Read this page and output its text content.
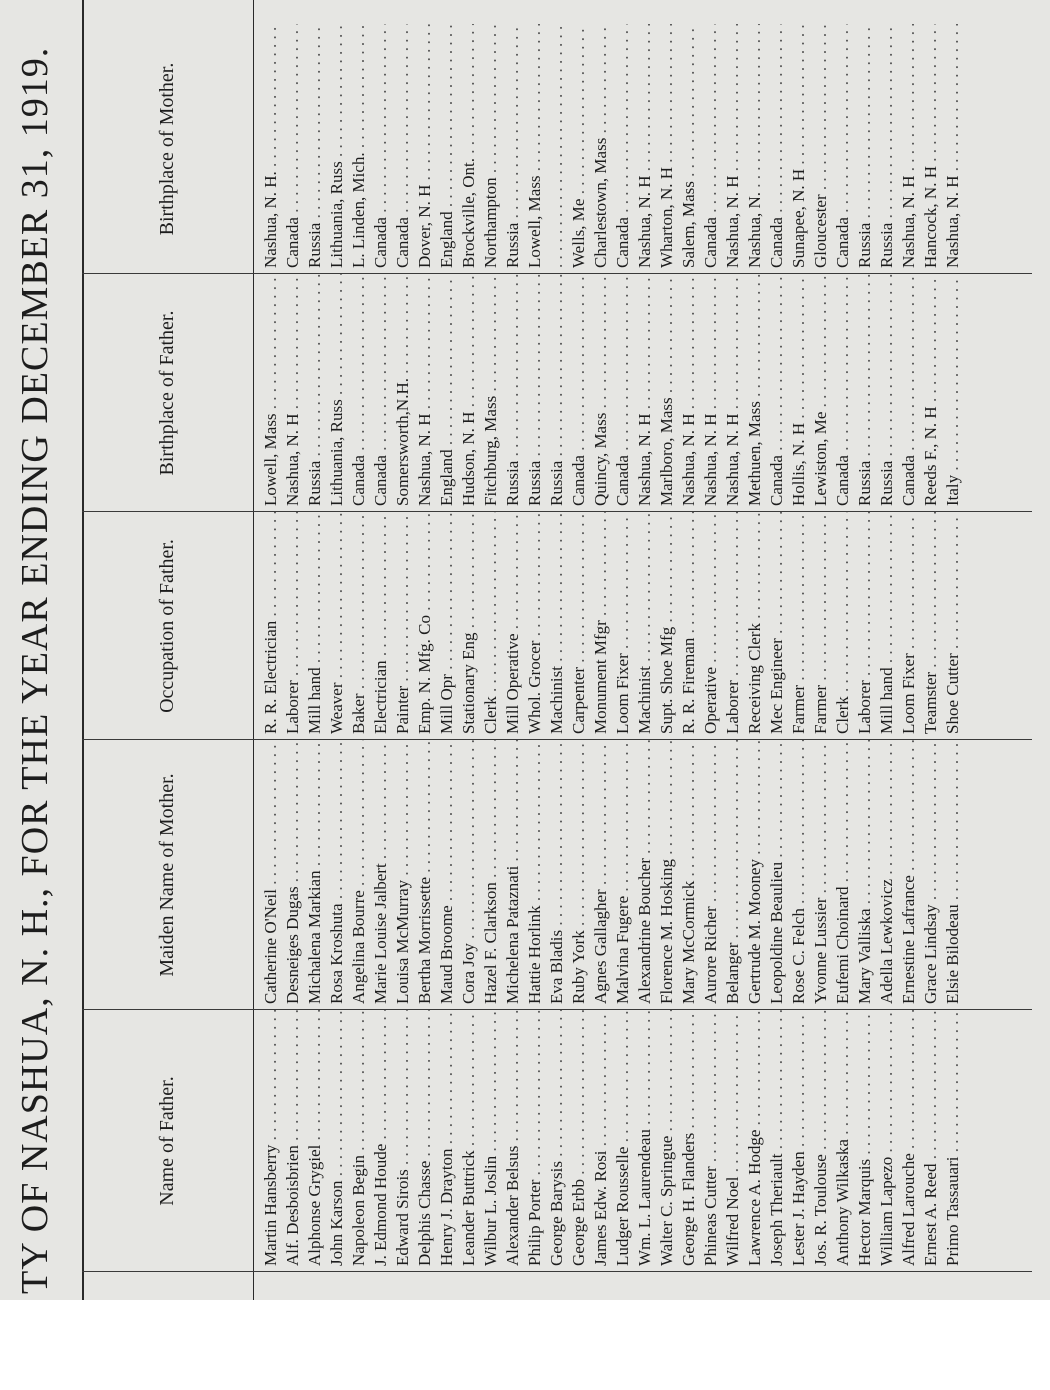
TY OF NASHUA, N. H., FOR THE YEAR ENDING DECEMBER 31, 1919.
Name of Father.	Martin Hansberry . . . Alf. Desboisbrien . . . Alphonse Grygiel . . . John Karson . . . Napoleon Begin . . . J. Edmond Houde . . . Edward Sirois . . . Delphis Chasse . . . Henry J. Drayton . . . Leander Buttrick . . . Wilbur L. Joslin . . . Alexander Belsus . . . Philip Porter . . . George Barysis . . . George Erbb . . . James Edw. Rosi . . . Ludger Rousselle . . . Wm. L. Laurendeau . . . Walter C. Springue . . . George H. Flanders . . . Phineas Cutter . . . Wilfred Noel . . . Lawrence A. Hodge . . . Joseph Theriault . . . Lester J. Hayden . . . Jos. R. Toulouse . . . Anthony Wilkaska . . . Hector Marquis . . . William Lapezo . . . Alfred Larouche . . . Ernest A. Reed . . . Primo Tassauari . . .
Maiden Name of Mother.	Catherine O'Neil . . . Desneiges Dugas . . . Michalena Markian . . . Rosa Kroshuta . . . Angelina Bourre . . . Marie Louise Jalbert . . . Louisa McMurray . . . Bertha Morrissette . . . Maud Broome . . . Cora Joy . . . Hazel F. Clarkson . . . Michelena Pataznati . . . Hattie Horlink . . . Eva Bladis . . . Ruby York . . . Agnes Gallagher . . . Malvina Fugere . . . Alexandrine Boucher . . . Florence M. Hosking . . . Mary McCormick . . . Aurore Richer . . . Belanger . . . Gertrude M. Mooney . . . Leopoldine Beaulieu . . . Rose C. Felch . . . Yvonne Lussier . . . Eufemi Choinard . . . Mary Valliska . . . Adella Lewkovicz . . . Ernestine Lafrance . . . Grace Lindsay . . . Elsie Bilodeau . . .
Occupation of Father.	R. R. Electrician . . . Laborer . . . Mill hand . . . Weaver . . . Baker . . . Electrician . . . Painter . . . Emp. N. Mfg. Co . . . Mill Opr . . . Stationary Eng . . . Clerk . . . Mill Operative . . . Whol. Grocer . . . Machinist . . . Carpenter . . . Monument Mfgr . . . Loom Fixer . . . Machinist . . . Supt. Shoe Mfg . . . R. R. Fireman . . . Operative . . . Laborer . . . Receiving Clerk . . . Mec Engineer . . . Farmer . . . Farmer . . . Clerk . . . Laborer . . . Mill hand . . . Loom Fixer . . . Teamster . . . Shoe Cutter . . .
Birthplace of Father.	Lowell, Mass . . . Nashua, N. H . . . Russia . . . Lithuania, Russ . . . Canada . . . Canada . . . Somersworth,N.H. . . . Nashua, N. H . . . England . . . Hudson, N. H . . . Fitchburg, Mass . . . Russia . . . Russia . . . Russia . . . Canada . . . Quincy, Mass . . . Canada . . . Nashua, N. H . . . Marlboro, Mass . . . Nashua, N. H . . . Nashua, N. H . . . Nashua, N. H . . . Methuen, Mass . . . Canada . . . Hollis, N. H . . . Lewiston, Me . . . Canada . . . Russia . . . Russia . . . Canada . . . Reeds F., N. H . . . Italy . . .
Birthplace of Mother.	Nashua, N. H. . . . Canada . . . Russia . . . Lithuania, Russ . . . L. Linden, Mich. . . . Canada . . . Canada . . . Dover, N. H . . . England . . . Brockville, Ont. . . . Northampton . . . Russia . . . Lowell, Mass . . .
. . . Wells, Me . . . Charlestown, Mass . . . Canada . . . Nashua, N. H . . . Wharton, N. H . . . Salem, Mass . . . Canada . . . Nashua, N. H . . . Nashua, N. . . . Canada . . . Sunapee, N. H . . . Gloucester . . . Canada . . . Russia . . . Russia . . . Nashua, N. H . . . Hancock, N. H . . . Nashua, N. H . . .
